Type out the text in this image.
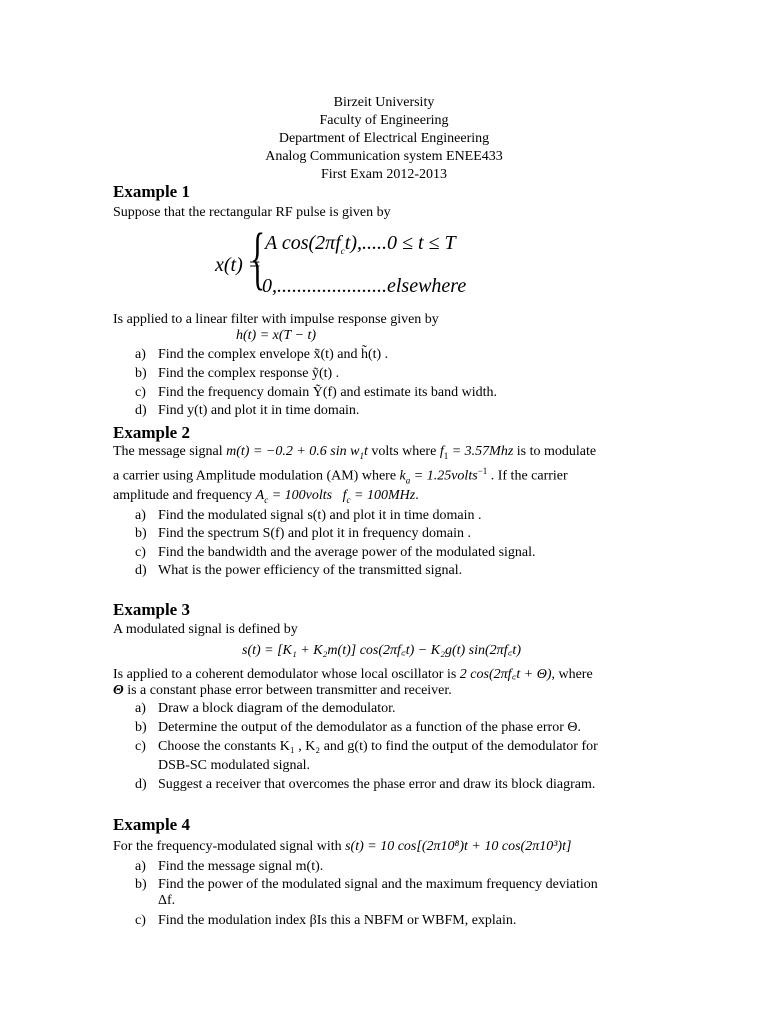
Birzeit University
Faculty of Engineering
Department of Electrical Engineering
Analog Communication system ENEE433
First Exam 2012-2013
Example 1
Suppose that the rectangular RF pulse is given by
x(t) =
{ A $\cos(2\pi f_ct),.....0 \le t \le T$
0,......................elsewhere
Is applied to a linear filter with impulse response given by
h(t) = x(T − t)
a) Find the complex envelope x̃(t) and h̃(t) .
b) Find the complex response ỹ(t) .
c) Find the frequency domain Ỹ(f) and estimate its band width.
d) Find y(t) and plot it in time domain.
Example 2
The message signal m(t) = −0.2 + 0.6 $\sin w_1t$ volts where $f_1 = 3.57Mhz$ is to modulate
a carrier using Amplitude modulation (AM) where $k_a$ = 1.25volts$^{-1}$ . If the carrier
amplitude and frequency $A_c$ = 100volts $f_c = 100MHz$.
a) Find the modulated signal s(t) and plot it in time domain .
b) Find the spectrum S(f) and plot it in frequency domain .
c) Find the bandwidth and the average power of the modulated signal.
d) What is the power efficiency of the transmitted signal.
Example 3
A modulated signal is defined by
s(t) = [K₁ + K₂m(t)] cos(2πf꜀t) − K₂g(t) sin(2πf꜀t)
Is applied to a coherent demodulator whose local oscillator is 2 cos(2πf꜀t + Θ), where
Θ is a constant phase error between transmitter and receiver.
a) Draw a block diagram of the demodulator.
b) Determine the output of the demodulator as a function of the phase error Θ.
c) Choose the constants K₁ , K₂ and g(t) to find the output of the demodulator for
DSB-SC modulated signal.
d) Suggest a receiver that overcomes the phase error and draw its block diagram.
Example 4
For the frequency-modulated signal with s(t) = 10 cos[(2π10⁸)t + 10 cos(2π10³)t]
a) Find the message signal m(t).
b) Find the power of the modulated signal and the maximum frequency deviation
Δf.
c) Find the modulation index βIs this a NBFM or WBFM, explain.
